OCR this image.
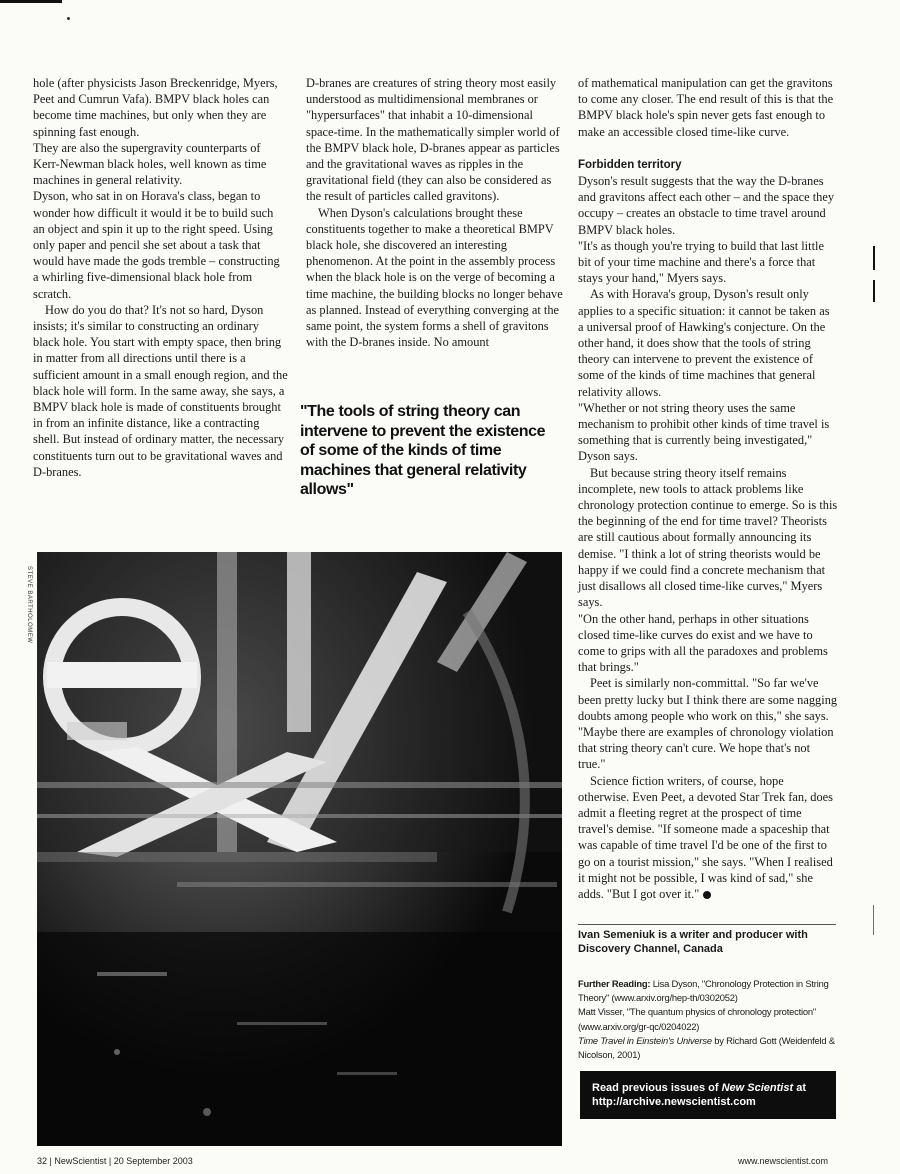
hole (after physicists Jason Breckenridge, Myers, Peet and Cumrun Vafa). BMPV black holes can become time machines, but only when they are spinning fast enough.

They are also the supergravity counterparts of Kerr-Newman black holes, well known as time machines in general relativity.

Dyson, who sat in on Horava's class, began to wonder how difficult it would it be to build such an object and spin it up to the right speed. Using only paper and pencil she set about a task that would have made the gods tremble – constructing a whirling five-dimensional black hole from scratch.

How do you do that? It's not so hard, Dyson insists; it's similar to constructing an ordinary black hole. You start with empty space, then bring in matter from all directions until there is a sufficient amount in a small enough region, and the black hole will form. In the same away, she says, a BMPV black hole is made of constituents brought in from an infinite distance, like a contracting shell. But instead of ordinary matter, the necessary constituents turn out to be gravitational waves and D-branes.

D-branes are creatures of string theory most easily understood as multidimensional membranes or "hypersurfaces" that inhabit a 10-dimensional space-time. In the mathematically simpler world of the BMPV black hole, D-branes appear as particles and the gravitational waves as ripples in the gravitational field (they can also be considered as the result of particles called gravitons).

When Dyson's calculations brought these constituents together to make a theoretical BMPV black hole, she discovered an interesting phenomenon. At the point in the assembly process when the black hole is on the verge of becoming a time machine, the building blocks no longer behave as planned. Instead of everything converging at the same point, the system forms a shell of gravitons with the D-branes inside. No amount

"The tools of string theory can intervene to prevent the existence of some of the kinds of time machines that general relativity allows"

of mathematical manipulation can get the gravitons to come any closer. The end result of this is that the BMPV black hole's spin never gets fast enough to make an accessible closed time-like curve.

Forbidden territory

Dyson's result suggests that the way the D-branes and gravitons affect each other – and the space they occupy – creates an obstacle to time travel around BMPV black holes.

"It's as though you're trying to build that last little bit of your time machine and there's a force that stays your hand," Myers says.

As with Horava's group, Dyson's result only applies to a specific situation: it cannot be taken as a universal proof of Hawking's conjecture. On the other hand, it does show that the tools of string theory can intervene to prevent the existence of some of the kinds of time machines that general relativity allows.

"Whether or not string theory uses the same mechanism to prohibit other kinds of time travel is something that is currently being investigated," Dyson says.

But because string theory itself remains incomplete, new tools to attack problems like chronology protection continue to emerge. So is this the beginning of the end for time travel? Theorists are still cautious about formally announcing its demise. "I think a lot of string theorists would be happy if we could find a concrete mechanism that just disallows all closed time-like curves," Myers says.

"On the other hand, perhaps in other situations closed time-like curves do exist and we have to come to grips with all the paradoxes and problems that brings."

Peet is similarly non-committal. "So far we've been pretty lucky but I think there are some nagging doubts among people who work on this," she says. "Maybe there are examples of chronology violation that string theory can't cure. We hope that's not true."

Science fiction writers, of course, hope otherwise. Even Peet, a devoted Star Trek fan, does admit a fleeting regret at the prospect of time travel's demise. "If someone made a spaceship that was capable of time travel I'd be one of the first to go on a tourist mission," she says. "When I realised it might not be possible, I was kind of sad," she adds. "But I got over it."

STEVE BARTHOLOMEW
Ivan Semeniuk is a writer and producer with Discovery Channel, Canada

Further Reading: Lisa Dyson, "Chronology Protection in String Theory" (www.arxiv.org/hep-th/0302052)

Matt Visser, "The quantum physics of chronology protection" (www.arxiv.org/gr-qc/0204022)

Time Travel in Einstein's Universe by Richard Gott (Weidenfeld & Nicolson, 2001)

Read previous issues of New Scientist at
http://archive.newscientist.com
32 | NewScientist | 20 September 2003	www.newscientist.com
